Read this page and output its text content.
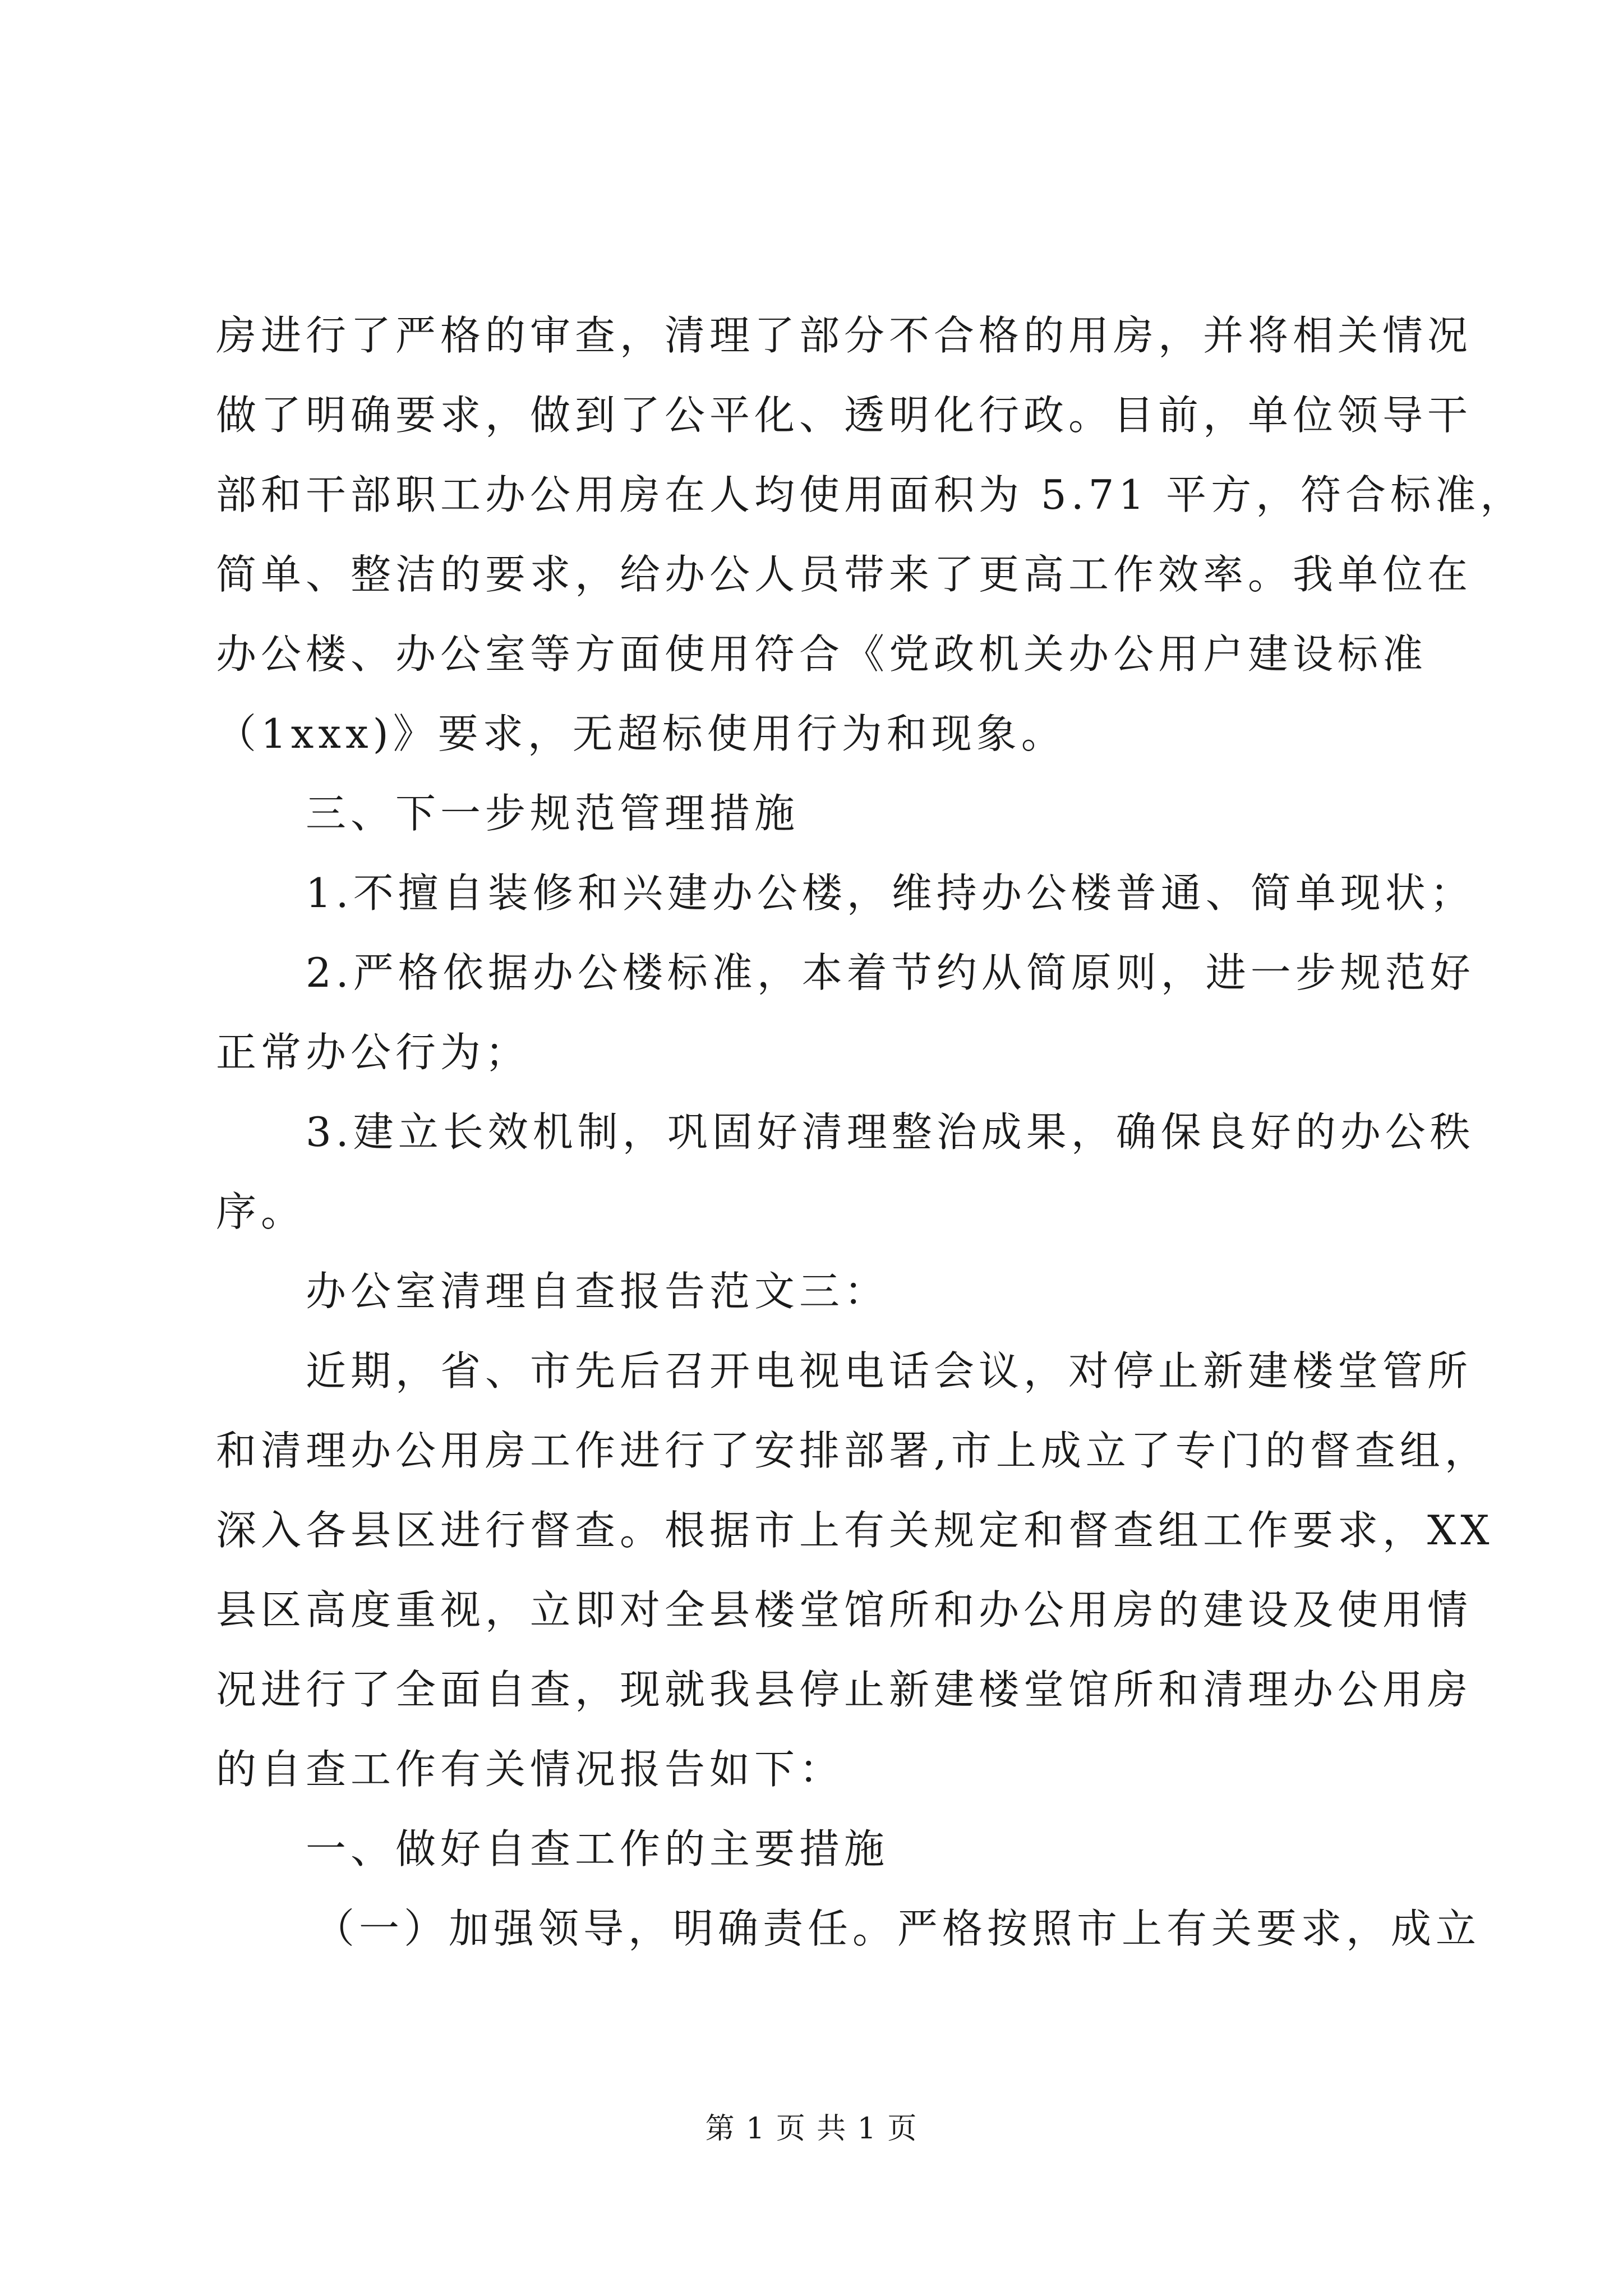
房进行了严格的审查，清理了部分不合格的用房，并将相关情况
做了明确要求，做到了公平化、透明化行政。目前，单位领导干
部和干部职工办公用房在人均使用面积为 5.71 平方，符合标准，
简单、整洁的要求，给办公人员带来了更高工作效率。我单位在
办公楼、办公室等方面使用符合《党政机关办公用户建设标准
（1xxx)》要求，无超标使用行为和现象。
三、下一步规范管理措施
1.不擅自装修和兴建办公楼，维持办公楼普通、简单现状；
2.严格依据办公楼标准，本着节约从简原则，进一步规范好
正常办公行为；
3.建立长效机制，巩固好清理整治成果，确保良好的办公秩
序。
办公室清理自查报告范文三：
近期，省、市先后召开电视电话会议，对停止新建楼堂管所
和清理办公用房工作进行了安排部署,市上成立了专门的督查组，
深入各县区进行督查。根据市上有关规定和督查组工作要求，XX
县区高度重视，立即对全县楼堂馆所和办公用房的建设及使用情
况进行了全面自查，现就我县停止新建楼堂馆所和清理办公用房
的自查工作有关情况报告如下：
一、做好自查工作的主要措施
（一）加强领导，明确责任。严格按照市上有关要求，成立
第 1 页 共 1 页
